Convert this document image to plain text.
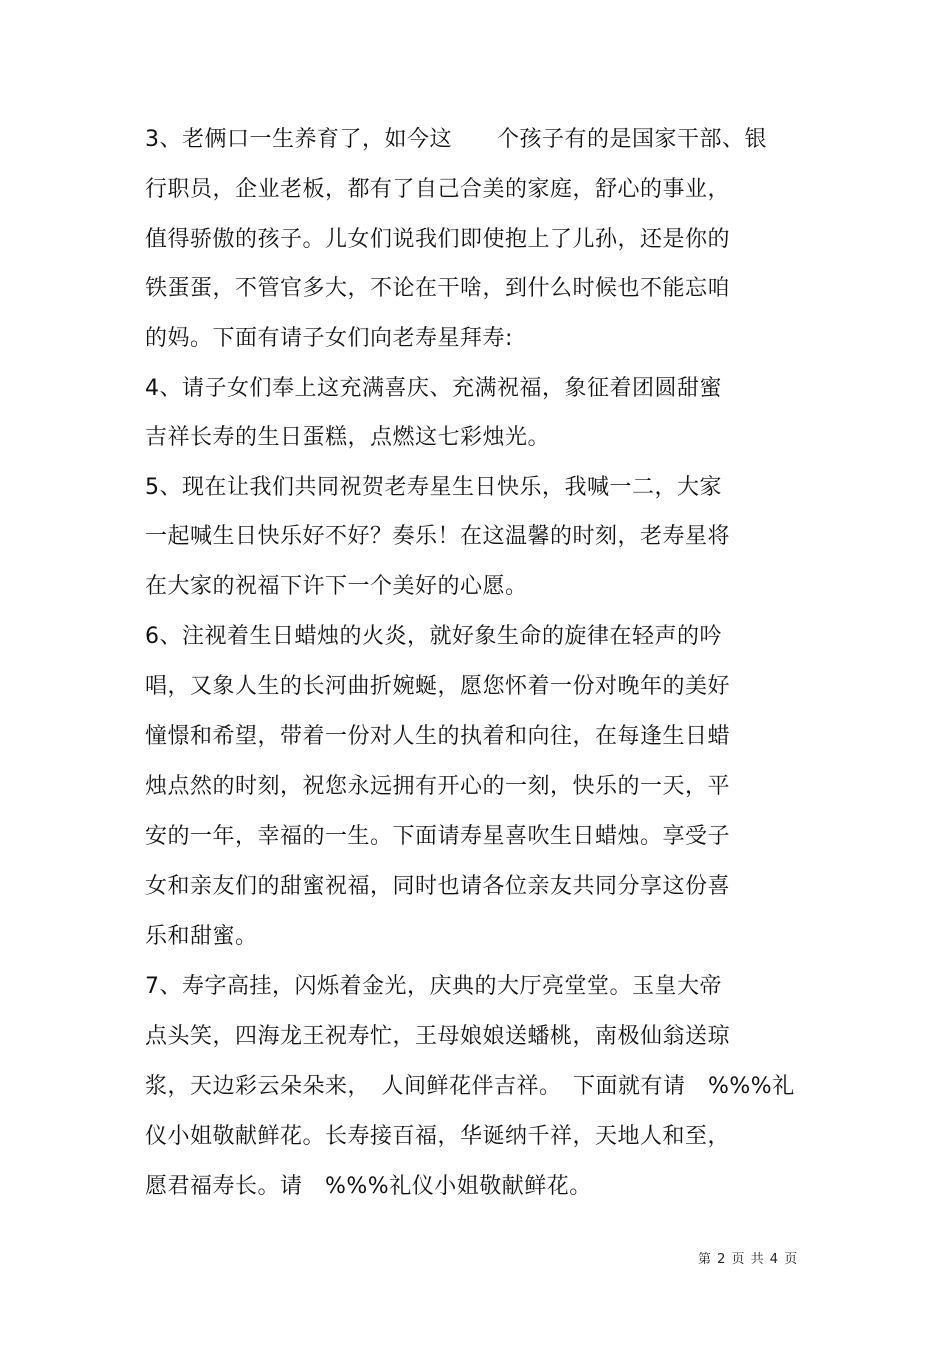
3、老俩口一生养育了，如今这　　个孩子有的是国家干部、银

行职员，企业老板，都有了自己合美的家庭，舒心的事业，

值得骄傲的孩子。儿女们说我们即使抱上了儿孙，还是你的

铁蛋蛋，不管官多大，不论在干啥，到什么时候也不能忘咱

的妈。下面有请子女们向老寿星拜寿:

4、请子女们奉上这充满喜庆、充满祝福，象征着团圆甜蜜

吉祥长寿的生日蛋糕，点燃这七彩烛光。

5、现在让我们共同祝贺老寿星生日快乐，我喊一二，大家

一起喊生日快乐好不好？奏乐！在这温馨的时刻，老寿星将

在大家的祝福下许下一个美好的心愿。

6、注视着生日蜡烛的火炎，就好象生命的旋律在轻声的吟

唱，又象人生的长河曲折婉蜒，愿您怀着一份对晚年的美好

憧憬和希望，带着一份对人生的执着和向往，在每逢生日蜡

烛点然的时刻，祝您永远拥有开心的一刻，快乐的一天，平

安的一年，幸福的一生。下面请寿星喜吹生日蜡烛。享受子

女和亲友们的甜蜜祝福，同时也请各位亲友共同分享这份喜

乐和甜蜜。

7、寿字高挂，闪烁着金光，庆典的大厅亮堂堂。玉皇大帝

点头笑，四海龙王祝寿忙，王母娘娘送蟠桃，南极仙翁送琼

浆，天边彩云朵朵来，　人间鲜花伴吉祥。　下面就有请　%%%礼

仪小姐敬献鲜花。长寿接百福，华诞纳千祥，天地人和至，

愿君福寿长。请　%%%礼仪小姐敬献鲜花。

第 2 页 共 4 页
